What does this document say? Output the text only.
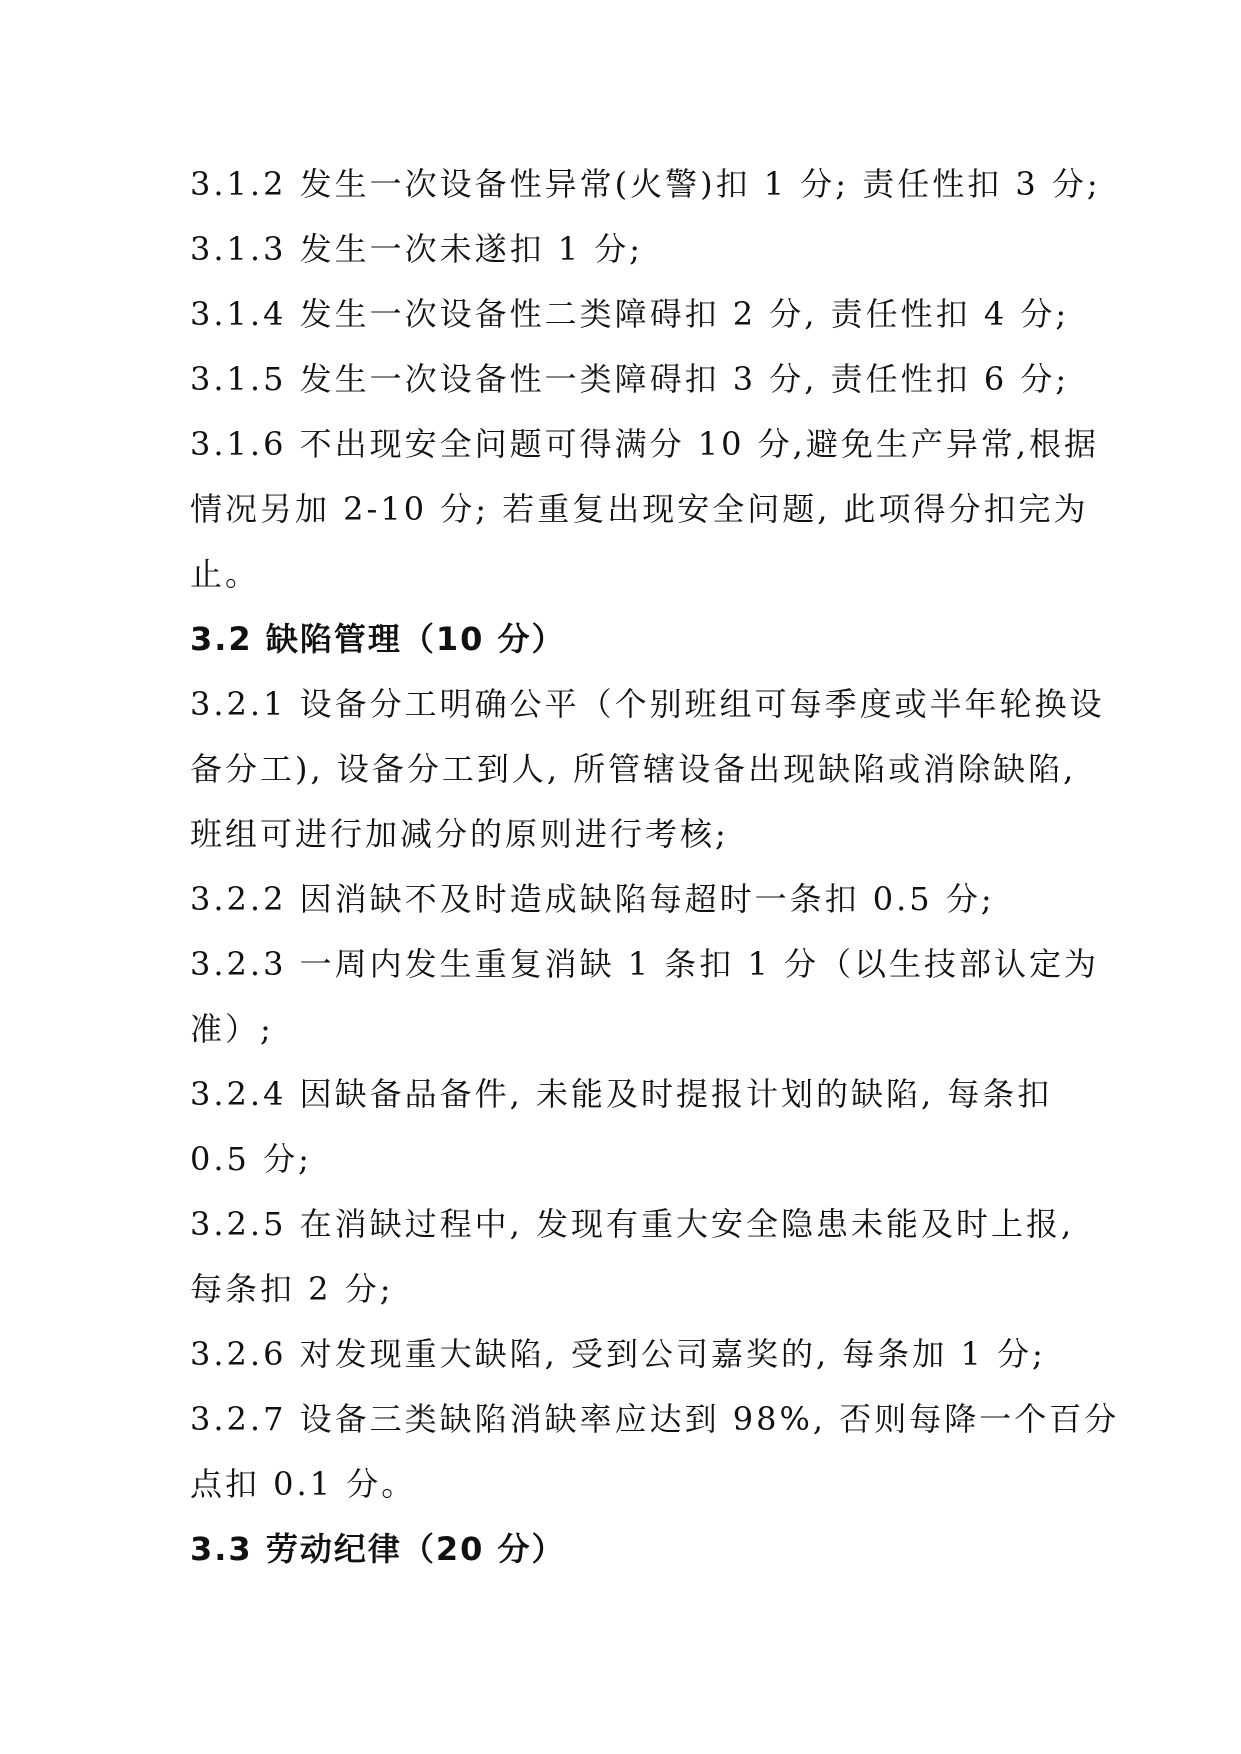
3.1.2 发生一次设备性异常(火警)扣 1 分; 责任性扣 3 分;
3.1.3 发生一次未遂扣 1 分;
3.1.4 发生一次设备性二类障碍扣 2 分, 责任性扣 4 分;
3.1.5 发生一次设备性一类障碍扣 3 分, 责任性扣 6 分;
3.1.6 不出现安全问题可得满分 10 分,避免生产异常,根据
情况另加 2-10 分; 若重复出现安全问题, 此项得分扣完为
止。
3.2 缺陷管理（10 分）
3.2.1 设备分工明确公平（个别班组可每季度或半年轮换设
备分工), 设备分工到人, 所管辖设备出现缺陷或消除缺陷,
班组可进行加减分的原则进行考核;
3.2.2 因消缺不及时造成缺陷每超时一条扣 0.5 分;
3.2.3 一周内发生重复消缺 1 条扣 1 分（以生技部认定为
准）;
3.2.4 因缺备品备件, 未能及时提报计划的缺陷, 每条扣
0.5 分;
3.2.5 在消缺过程中, 发现有重大安全隐患未能及时上报,
每条扣 2 分;
3.2.6 对发现重大缺陷, 受到公司嘉奖的, 每条加 1 分;
3.2.7 设备三类缺陷消缺率应达到 98%, 否则每降一个百分
点扣 0.1 分。
3.3 劳动纪律（20 分）
